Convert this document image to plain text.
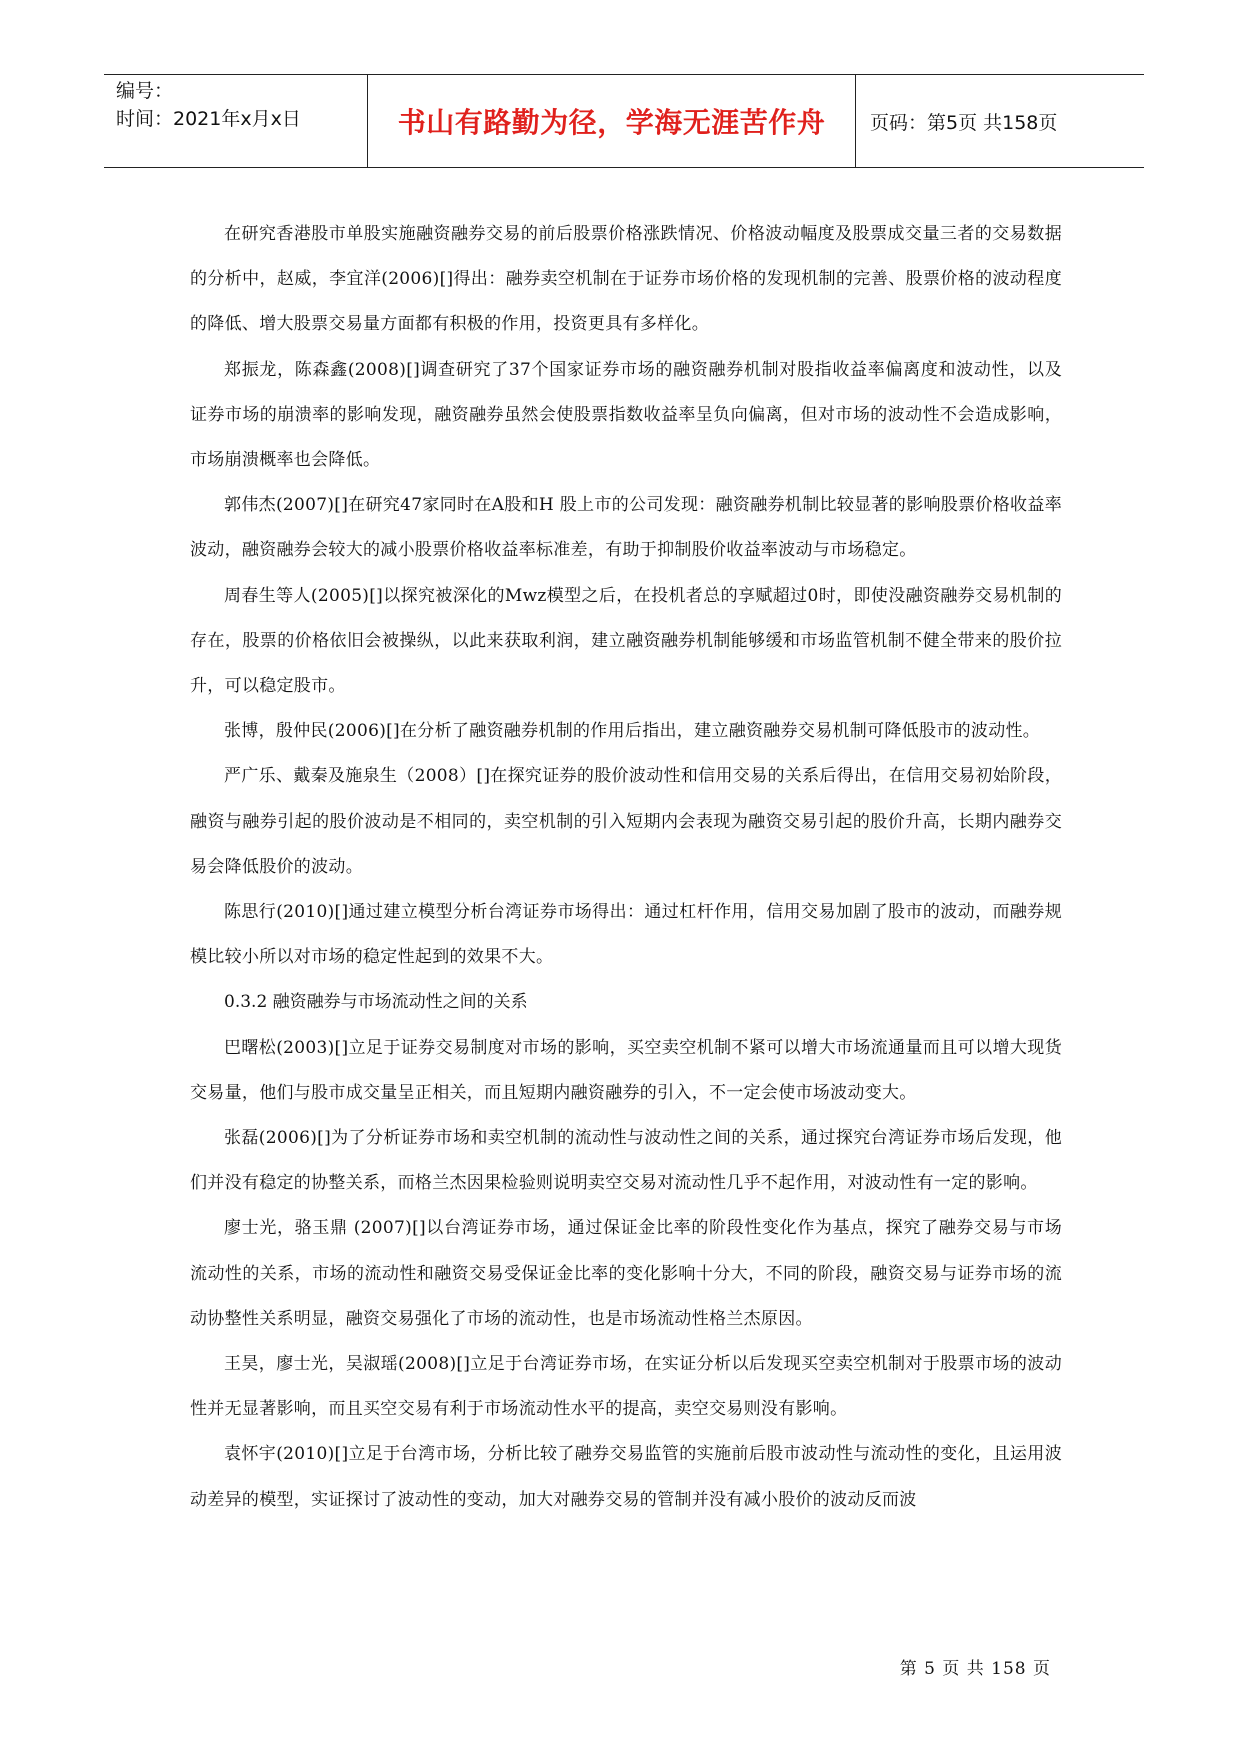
编号：
时间：2021年x月x日	书山有路勤为径，学海无涯苦作舟	页码：第5页 共158页

在研究香港股市单股实施融资融券交易的前后股票价格涨跌情况、价格波动幅度及股票成交量三者的交易数据的分析中，赵威，李宜洋(2006)[]得出：融券卖空机制在于证券市场价格的发现机制的完善、股票价格的波动程度的降低、增大股票交易量方面都有积极的作用，投资更具有多样化。

郑振龙，陈森鑫(2008)[]调查研究了37个国家证券市场的融资融券机制对股指收益率偏离度和波动性，以及证券市场的崩溃率的影响发现，融资融券虽然会使股票指数收益率呈负向偏离，但对市场的波动性不会造成影响，市场崩溃概率也会降低。

郭伟杰(2007)[]在研究47家同时在A股和H 股上市的公司发现：融资融券机制比较显著的影响股票价格收益率波动，融资融券会较大的减小股票价格收益率标准差，有助于抑制股价收益率波动与市场稳定。

周春生等人(2005)[]以探究被深化的Mwz模型之后，在投机者总的享赋超过0时，即使没融资融券交易机制的存在，股票的价格依旧会被操纵，以此来获取利润，建立融资融券机制能够缓和市场监管机制不健全带来的股价拉升，可以稳定股市。

张博，殷仲民(2006)[]在分析了融资融券机制的作用后指出，建立融资融券交易机制可降低股市的波动性。

严广乐、戴秦及施泉生（2008）[]在探究证券的股价波动性和信用交易的关系后得出，在信用交易初始阶段，融资与融券引起的股价波动是不相同的，卖空机制的引入短期内会表现为融资交易引起的股价升高，长期内融券交易会降低股价的波动。

陈思行(2010)[]通过建立模型分析台湾证券市场得出：通过杠杆作用，信用交易加剧了股市的波动，而融券规模比较小所以对市场的稳定性起到的效果不大。

0.3.2 融资融券与市场流动性之间的关系

巴曙松(2003)[]立足于证券交易制度对市场的影响，买空卖空机制不紧可以增大市场流通量而且可以增大现货交易量，他们与股市成交量呈正相关，而且短期内融资融券的引入，不一定会使市场波动变大。

张磊(2006)[]为了分析证券市场和卖空机制的流动性与波动性之间的关系，通过探究台湾证券市场后发现，他们并没有稳定的协整关系，而格兰杰因果检验则说明卖空交易对流动性几乎不起作用，对波动性有一定的影响。

廖士光，骆玉鼎 (2007)[]以台湾证券市场，通过保证金比率的阶段性变化作为基点，探究了融券交易与市场流动性的关系，市场的流动性和融资交易受保证金比率的变化影响十分大，不同的阶段，融资交易与证券市场的流动协整性关系明显，融资交易强化了市场的流动性，也是市场流动性格兰杰原因。

王昊，廖士光，吴淑瑶(2008)[]立足于台湾证券市场，在实证分析以后发现买空卖空机制对于股票市场的波动性并无显著影响，而且买空交易有利于市场流动性水平的提高，卖空交易则没有影响。

袁怀宇(2010)[]立足于台湾市场，分析比较了融券交易监管的实施前后股市波动性与流动性的变化，且运用波动差异的模型，实证探讨了波动性的变动，加大对融券交易的管制并没有减小股价的波动反而波

第 5 页 共 158 页
